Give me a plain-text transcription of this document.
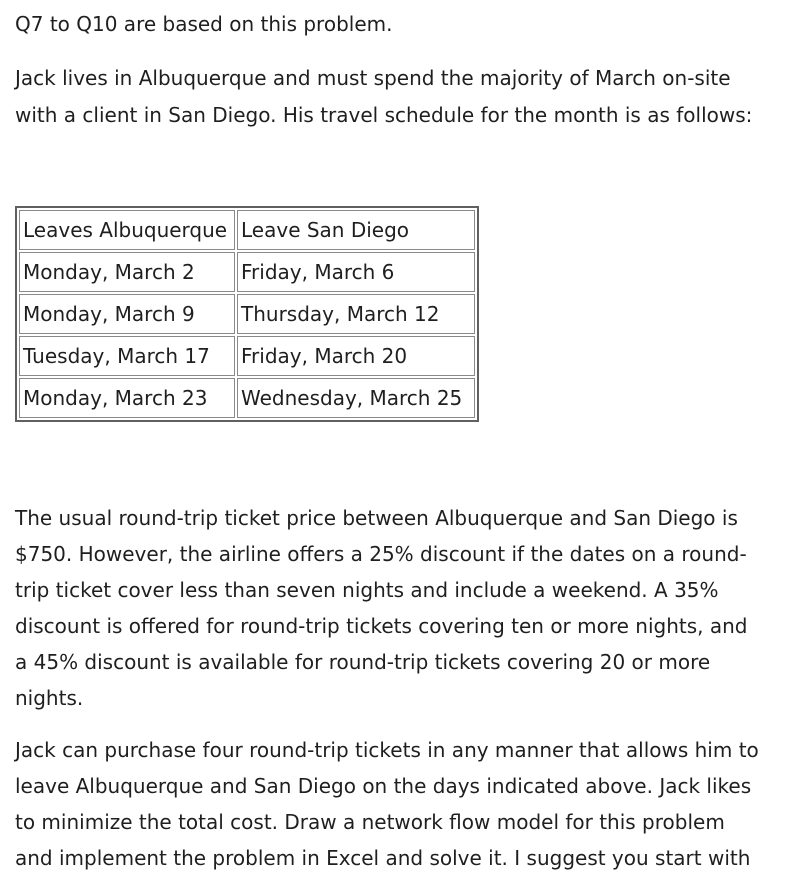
Q7 to Q10 are based on this problem.

Jack lives in Albuquerque and must spend the majority of March on-site
with a client in San Diego. His travel schedule for the month is as follows:

Leaves Albuquerque	Leave San Diego
Monday, March 2	Friday, March 6
Monday, March 9	Thursday, March 12
Tuesday, March 17	Friday, March 20
Monday, March 23	Wednesday, March 25

The usual round-trip ticket price between Albuquerque and San Diego is
$750. However, the airline offers a 25% discount if the dates on a round-
trip ticket cover less than seven nights and include a weekend. A 35%
discount is offered for round-trip tickets covering ten or more nights, and
a 45% discount is available for round-trip tickets covering 20 or more
nights.

Jack can purchase four round-trip tickets in any manner that allows him to
leave Albuquerque and San Diego on the days indicated above. Jack likes
to minimize the total cost. Draw a network flow model for this problem
and implement the problem in Excel and solve it. I suggest you start with
